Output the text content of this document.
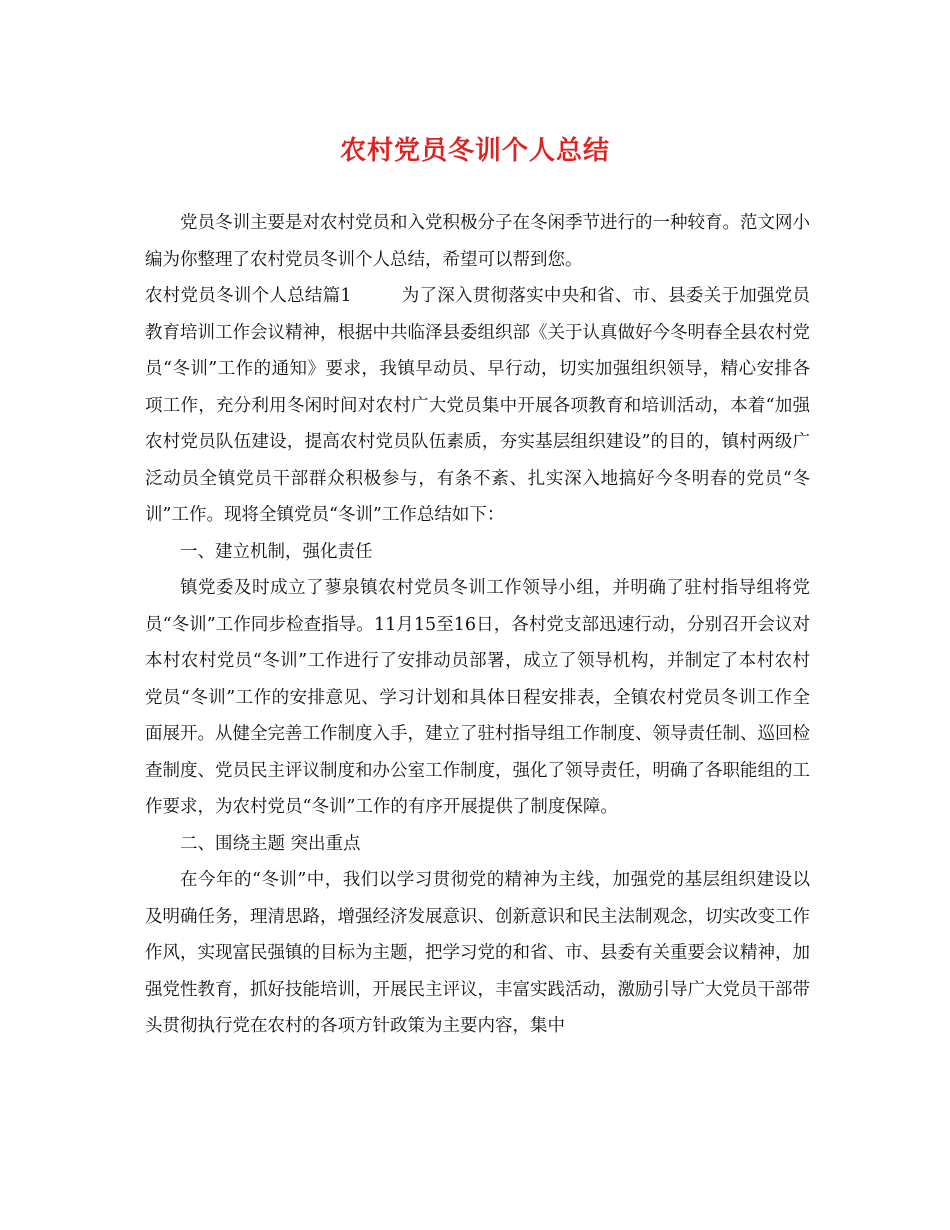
农村党员冬训个人总结

党员冬训主要是对农村党员和入党积极分子在冬闲季节进行的一种较育。范文网小编为你整理了农村党员冬训个人总结，希望可以帮到您。

农村党员冬训个人总结篇1	为了深入贯彻落实中央和省、市、县委关于加强党员教育培训工作会议精神，根据中共临泽县委组织部《关于认真做好今冬明春全县农村党员“冬训”工作的通知》要求，我镇早动员、早行动，切实加强组织领导，精心安排各项工作，充分利用冬闲时间对农村广大党员集中开展各项教育和培训活动，本着“加强农村党员队伍建设，提高农村党员队伍素质，夯实基层组织建设”的目的，镇村两级广泛动员全镇党员干部群众积极参与，有条不紊、扎实深入地搞好今冬明春的党员“冬训”工作。现将全镇党员“冬训”工作总结如下：

一、建立机制，强化责任

镇党委及时成立了蓼泉镇农村党员冬训工作领导小组，并明确了驻村指导组将党员“冬训”工作同步检查指导。11月15至16日，各村党支部迅速行动，分别召开会议对本村农村党员“冬训”工作进行了安排动员部署，成立了领导机构，并制定了本村农村党员“冬训”工作的安排意见、学习计划和具体日程安排表，全镇农村党员冬训工作全面展开。从健全完善工作制度入手，建立了驻村指导组工作制度、领导责任制、巡回检查制度、党员民主评议制度和办公室工作制度，强化了领导责任，明确了各职能组的工作要求，为农村党员“冬训”工作的有序开展提供了制度保障。

二、围绕主题 突出重点

在今年的“冬训”中，我们以学习贯彻党的精神为主线，加强党的基层组织建设以及明确任务，理清思路，增强经济发展意识、创新意识和民主法制观念，切实改变工作作风，实现富民强镇的目标为主题，把学习党的和省、市、县委有关重要会议精神，加强党性教育，抓好技能培训，开展民主评议，丰富实践活动，激励引导广大党员干部带头贯彻执行党在农村的各项方针政策为主要内容，集中
